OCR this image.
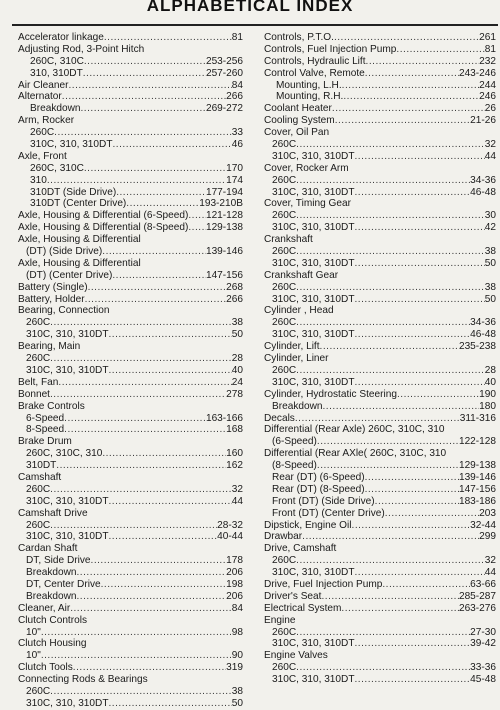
ALPHABETICAL INDEX
Accelerator linkage .....	81
Adjusting Rod, 3-Point Hitch
260C, 310C .....	253-256
310, 310DT .....	257-260
Air Cleaner .....	84
Alternator .....	266
Breakdown .....	269-272
Arm, Rocker
260C .....	33
310C, 310, 310DT .....	46
Axle, Front
260C, 310C .....	170
310 .....	174
310DT (Side Drive) .....	177-194
310DT (Center Drive) .....	193-210B
Axle, Housing & Differential (6-Speed) ..... 121-128
Axle, Housing & Differential (8-Speed) ..... 129-138
Axle, Housing & Differential
(DT) (Side Drive) .....	139-146
Axle, Housing & Differential
(DT) (Center Drive) .....	147-156
Battery (Single) .....	268
Battery, Holder .....	266
Bearing, Connection
260C .....	38
310C, 310, 310DT .....	50
Bearing, Main
260C .....	28
310C, 310, 310DT .....	40
Belt, Fan .....	24
Bonnet .....	278
Brake Controls
6-Speed .....	163-166
8-Speed .....	168
Brake Drum
260C, 310C, 310 .....	160
310DT .....	162
Camshaft
260C .....	32
310C, 310, 310DT .....	44
Camshaft Drive
260C .....	28-32
310C, 310, 310DT .....	40-44
Cardan Shaft
DT, Side Drive .....	178
Breakdown .....	206
DT, Center Drive .....	198
Breakdown .....	206
Cleaner, Air .....	84
Clutch Controls
10" .....	98
Clutch Housing
10" .....	90
Clutch Tools .....	319
Connecting Rods & Bearings
260C .....	38
310C, 310, 310DT .....	50
Controls, P.T.O. .....	261
Controls, Fuel Injection Pump .....	81
Controls, Hydraulic Lift .....	232
Control Valve, Remote .....	243-246
Mounting, L.H. .....	244
Mounting, R.H. .....	246
Coolant Heater .....	26
Cooling System .....	21-26
Cover, Oil Pan
260C .....	32
310C, 310, 310DT .....	44
Cover, Rocker Arm
260C .....	34-36
310C, 310, 310DT .....	46-48
Cover, Timing Gear
260C .....	30
310C, 310, 310DT .....	42
Crankshaft
260C .....	38
310C, 310, 310DT .....	50
Crankshaft Gear
260C .....	38
310C, 310, 310DT .....	50
Cylinder , Head
260C .....	34-36
310C, 310, 310DT .....	46-48
Cylinder, Lift .....	235-238
Cylinder, Liner
260C .....	28
310C, 310, 310DT .....	40
Cylinder, Hydrostatic Steering .....	190
Breakdown .....	180
Decals .....	311-316
Differential (Rear Axle) 260C, 310C, 310
(6-Speed) .....	122-128
Differential (Rear AXle( 260C, 310C, 310
(8-Speed) .....	129-138
Rear (DT) (6-Speed) .....	139-146
Rear (DT) (8-Speed) .....	147-156
Front (DT) (Side Drive) .....	183-186
Front (DT) (Center Drive) .....	203
Dipstick, Engine Oil .....	32-44
Drawbar .....	299
Drive, Camshaft
260C .....	32
310C, 310, 310DT .....	44
Drive, Fuel Injection Pump .....	63-66
Driver's Seat .....	285-287
Electrical System .....	263-276
Engine
260C .....	27-30
310C, 310, 310DT .....	39-42
Engine Valves
260C .....	33-36
310C, 310, 310DT .....	45-48
